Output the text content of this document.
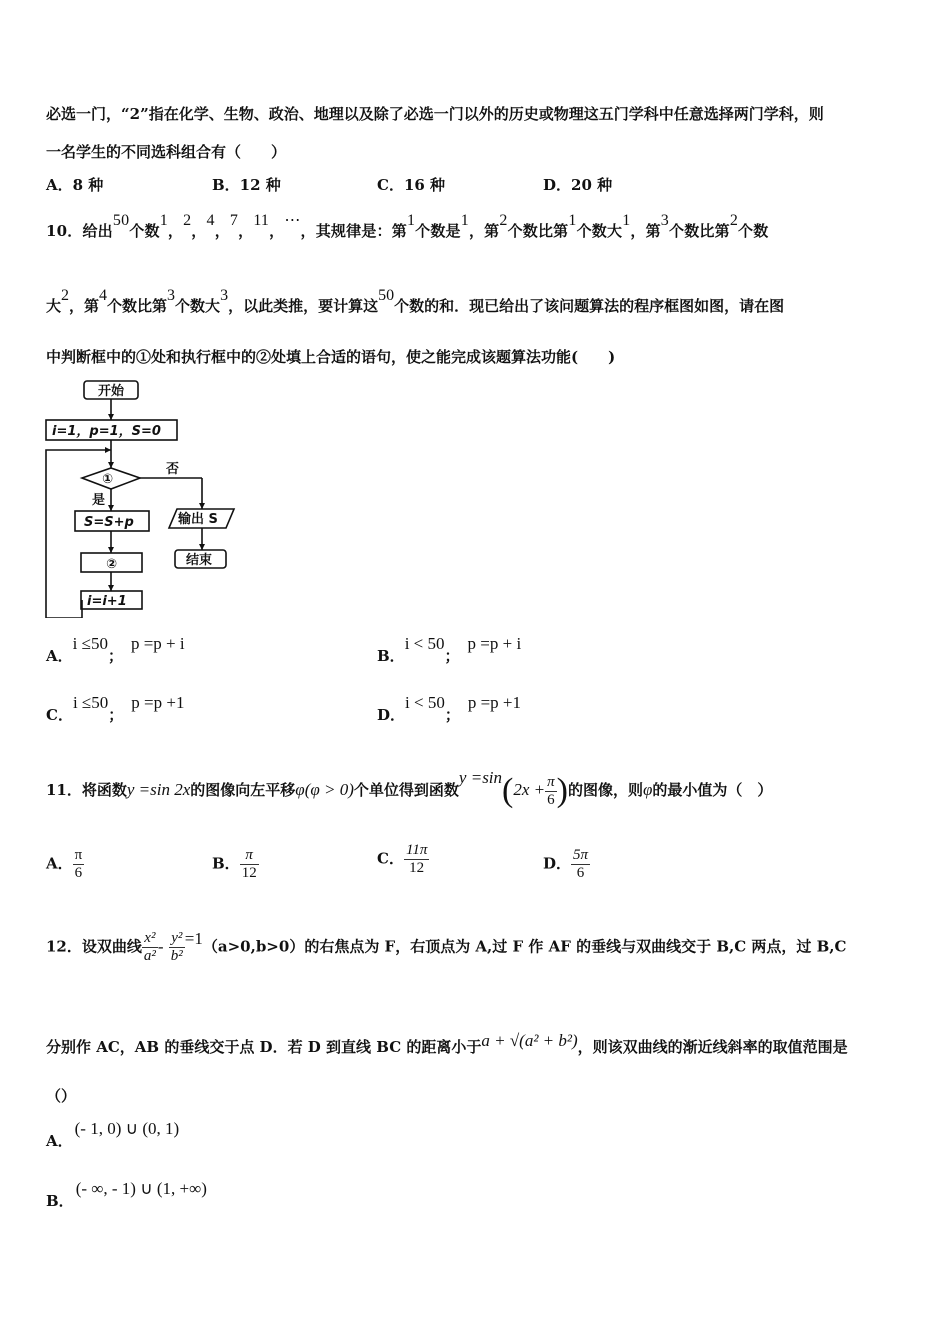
必选一门，“2”指在化学、生物、政治、地理以及除了必选一门以外的历史或物理这五门学科中任意选择两门学科，则
一名学生的不同选科组合有（　　）
A．8 种	B．12 种	C．16 种	D．20 种
10．给出50个数1，2，4，7，11，⋯，其规律是：第1个数是1，第2个数比第1个数大1，第3个数比第2个数
大2，第4个数比第3个数大3，以此类推，要计算这50个数的和．现已给出了该问题算法的程序框图如图，请在图
中判断框中的①处和执行框中的②处填上合适的语句，使之能完成该题算法功能(　　)
开始
i=1，p=1，S=0
①
否
是
S=S+p
②
i=i+1
输出 S
结束
A．i ≤50；p =p + i
B．i < 50；p =p + i
C．i ≤50；p =p +1
D．i < 50；p =p +1
11．将函数y =sin 2x的图像向左平移φ(φ > 0)个单位得到函数$y =\sin(2x + \frac{\pi}{6}$ )的图像，则φ的最小值为（　）
A． $\frac{\pi}{6}$	B． $\frac{\pi}{12}$	C． $\frac{11\pi}{12}$	D． $\frac{5\pi}{6}$
12．设双曲线 $\frac{\text{x²}}{\text{a²}} - \frac{\text{y²}}{\text{b²}} =1(a>0,b>0)$的右焦点为 F，右顶点为 A,过 F 作 AF 的垂线与双曲线交于 B,C 两点，过 B,C
分别作 AC，AB 的垂线交于点 D．若 D 到直线 BC 的距离小于a + √(a² + b²)，则该双曲线的渐近线斜率的取值范围是
（）
A．(- 1, 0) ∪ (0, 1)
B．(- ∞, - 1) ∪ (1, +∞)
